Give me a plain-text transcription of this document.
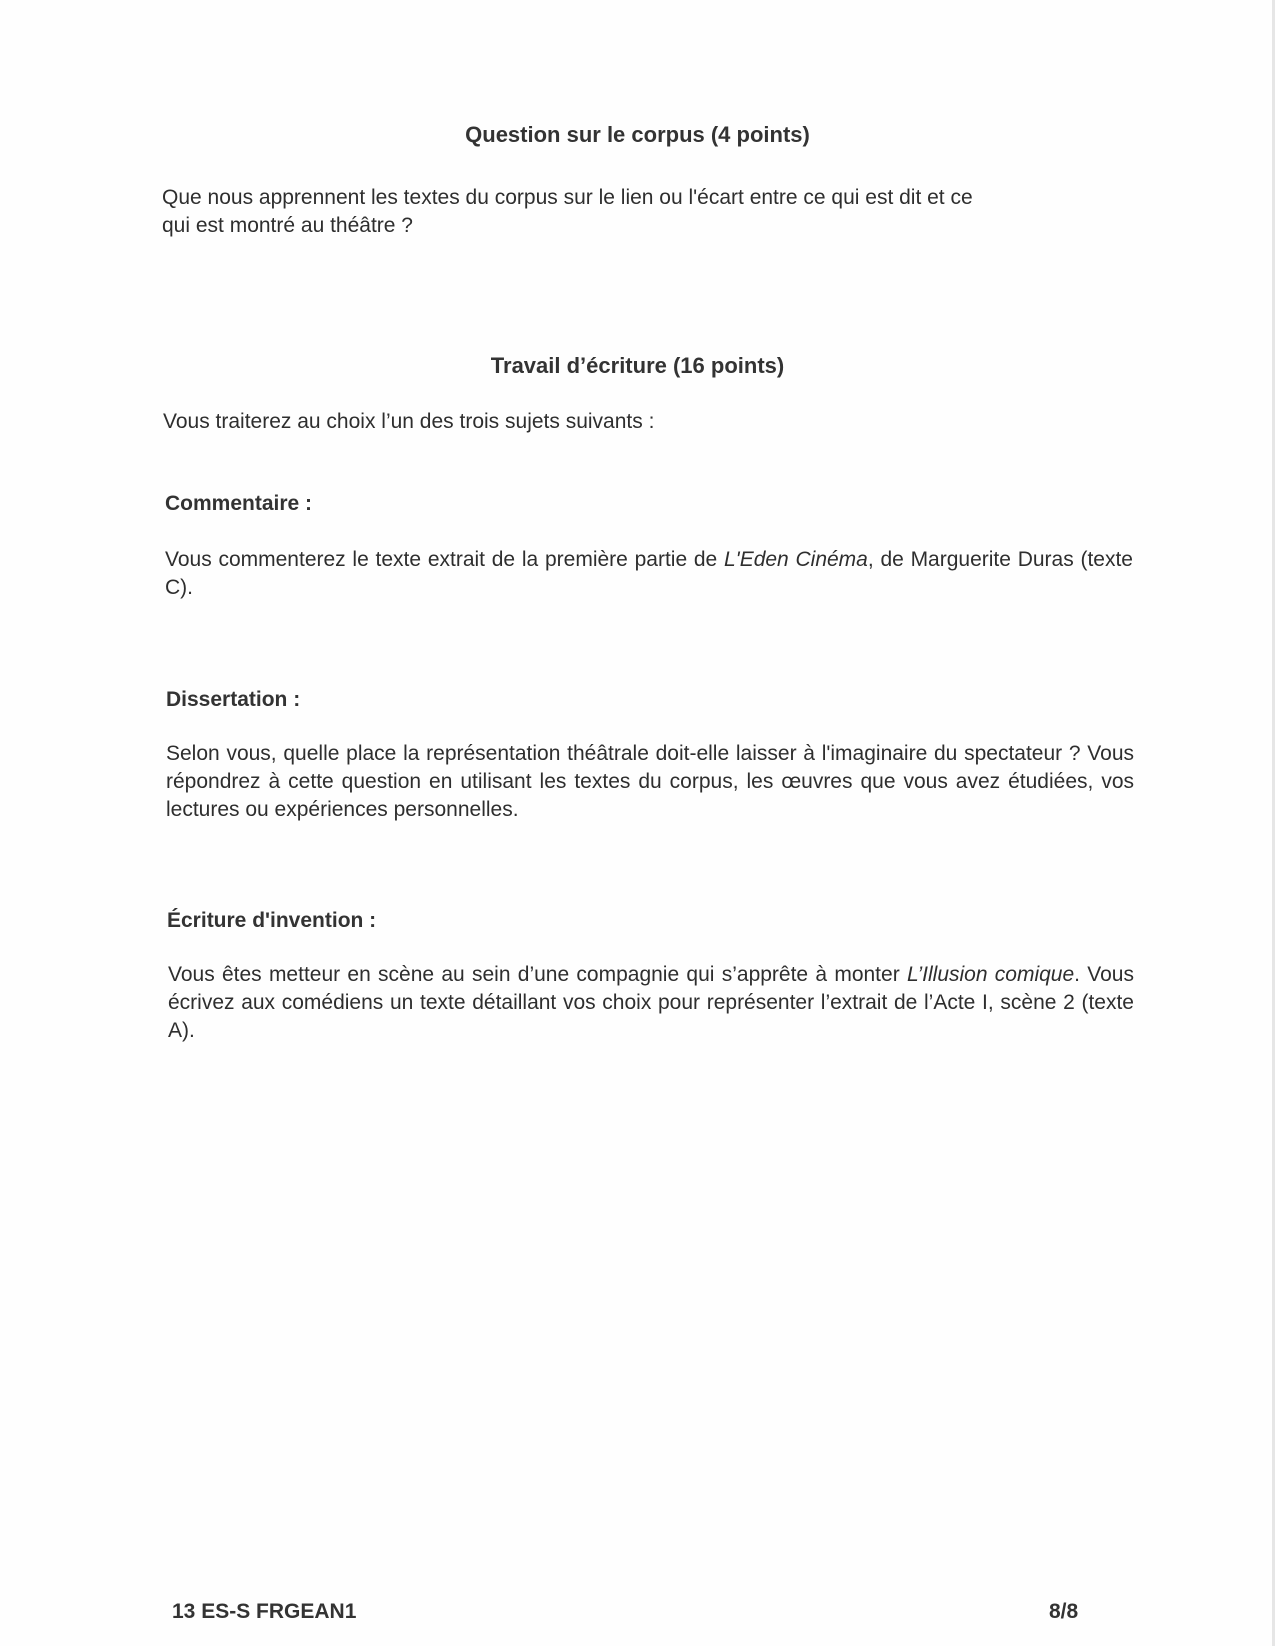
Question sur le corpus (4 points)
Que nous apprennent les textes du corpus sur le lien ou l'écart entre ce qui est dit et ce
qui est montré au théâtre ?
Travail d’écriture (16 points)
Vous traiterez au choix l’un des trois sujets suivants :
Commentaire :
Vous commenterez le texte extrait de la première partie de L'Eden Cinéma, de Marguerite Duras (texte C).
Dissertation :
Selon vous, quelle place la représentation théâtrale doit-elle laisser à l'imaginaire du spectateur ? Vous répondrez à cette question en utilisant les textes du corpus, les œuvres que vous avez étudiées, vos lectures ou expériences personnelles.
Écriture d'invention :
Vous êtes metteur en scène au sein d’une compagnie qui s’apprête à monter L’Illusion comique. Vous écrivez aux comédiens un texte détaillant vos choix pour représenter l’extrait de l’Acte I, scène 2 (texte A).
13 ES-S FRGEAN1	8/8
